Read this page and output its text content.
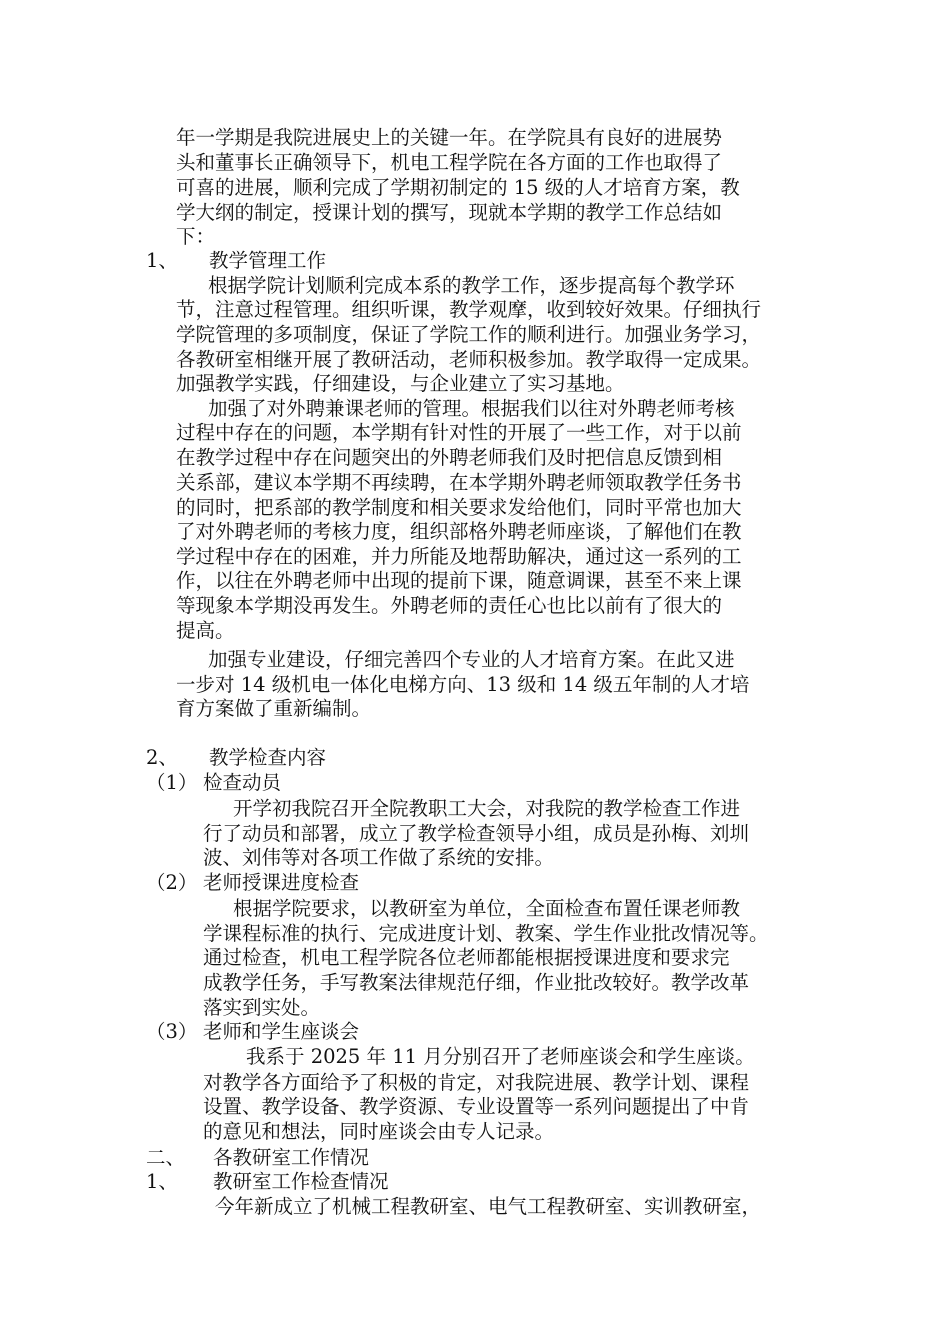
年一学期是我院进展史上的关键一年。在学院具有良好的进展势
头和董事长正确领导下，机电工程学院在各方面的工作也取得了
可喜的进展，顺利完成了学期初制定的 15 级的人才培育方案，教
学大纲的制定，授课计划的撰写，现就本学期的教学工作总结如
下：
1、 教学管理工作
根据学院计划顺利完成本系的教学工作，逐步提高每个教学环
节，注意过程管理。组织听课，教学观摩，收到较好效果。仔细执行
学院管理的多项制度，保证了学院工作的顺利进行。加强业务学习，
各教研室相继开展了教研活动，老师积极参加。教学取得一定成果。
加强教学实践，仔细建设，与企业建立了实习基地。
加强了对外聘兼课老师的管理。根据我们以往对外聘老师考核
过程中存在的问题，本学期有针对性的开展了一些工作，对于以前
在教学过程中存在问题突出的外聘老师我们及时把信息反馈到相
关系部，建议本学期不再续聘，在本学期外聘老师领取教学任务书
的同时，把系部的教学制度和相关要求发给他们，同时平常也加大
了对外聘老师的考核力度，组织部格外聘老师座谈，了解他们在教
学过程中存在的困难，并力所能及地帮助解决，通过这一系列的工
作，以往在外聘老师中出现的提前下课，随意调课，甚至不来上课
等现象本学期没再发生。外聘老师的责任心也比以前有了很大的
提高。
加强专业建设，仔细完善四个专业的人才培育方案。在此又进
一步对 14 级机电一体化电梯方向、13 级和 14 级五年制的人才培
育方案做了重新编制。
2、 教学检查内容
（1） 检查动员
开学初我院召开全院教职工大会，对我院的教学检查工作进
行了动员和部署，成立了教学检查领导小组，成员是孙梅、刘圳
波、刘伟等对各项工作做了系统的安排。
（2） 老师授课进度检查
根据学院要求，以教研室为单位，全面检查布置任课老师教
学课程标准的执行、完成进度计划、教案、学生作业批改情况等。
通过检查，机电工程学院各位老师都能根据授课进度和要求完
成教学任务，手写教案法律规范仔细，作业批改较好。教学改革
落实到实处。
（3） 老师和学生座谈会
我系于 2025 年 11 月分别召开了老师座谈会和学生座谈。
对教学各方面给予了积极的肯定，对我院进展、教学计划、课程
设置、教学设备、教学资源、专业设置等一系列问题提出了中肯
的意见和想法，同时座谈会由专人记录。
二、 各教研室工作情况
1、 教研室工作检查情况
今年新成立了机械工程教研室、电气工程教研室、实训教研室，
